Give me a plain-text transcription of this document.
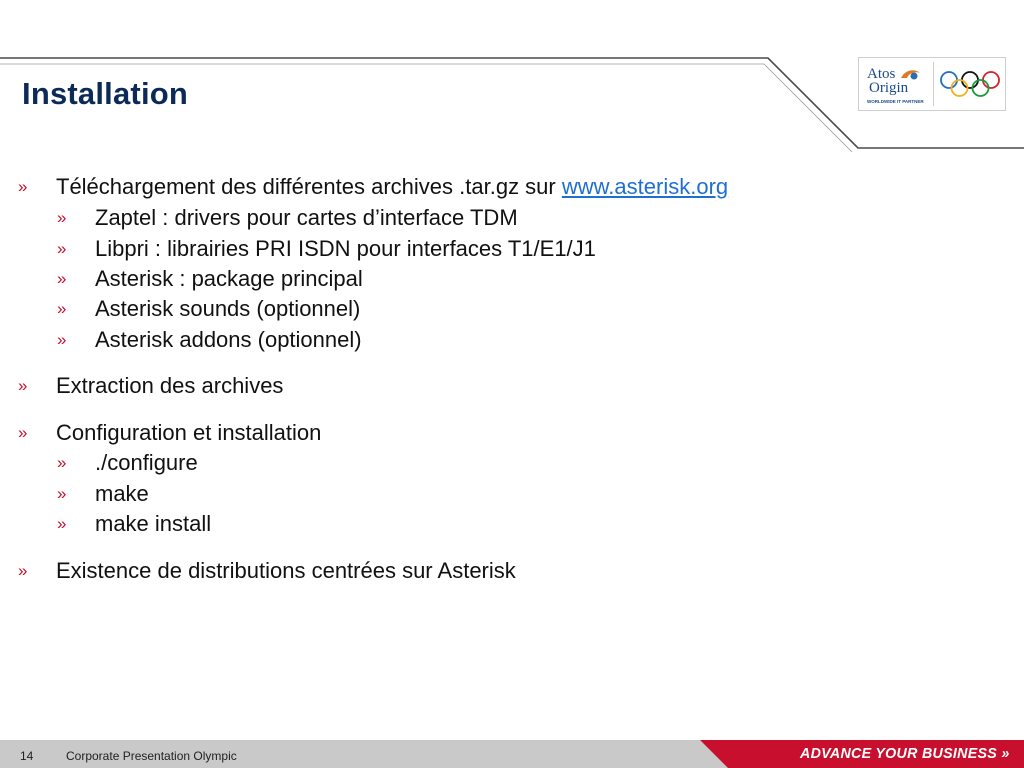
Installation
Atos
Origin
WORLDWIDE IT PARTNER
» Téléchargement des différentes archives .tar.gz sur www.asterisk.org
» Zaptel : drivers pour cartes d’interface TDM
» Libpri : librairies PRI ISDN pour interfaces T1/E1/J1
» Asterisk : package principal
» Asterisk sounds (optionnel)
» Asterisk addons (optionnel)
» Extraction des archives
» Configuration et installation
» ./configure
» make
» make install
» Existence de distributions centrées sur Asterisk
14	Corporate Presentation Olympic	ADVANCE YOUR BUSINESS »
